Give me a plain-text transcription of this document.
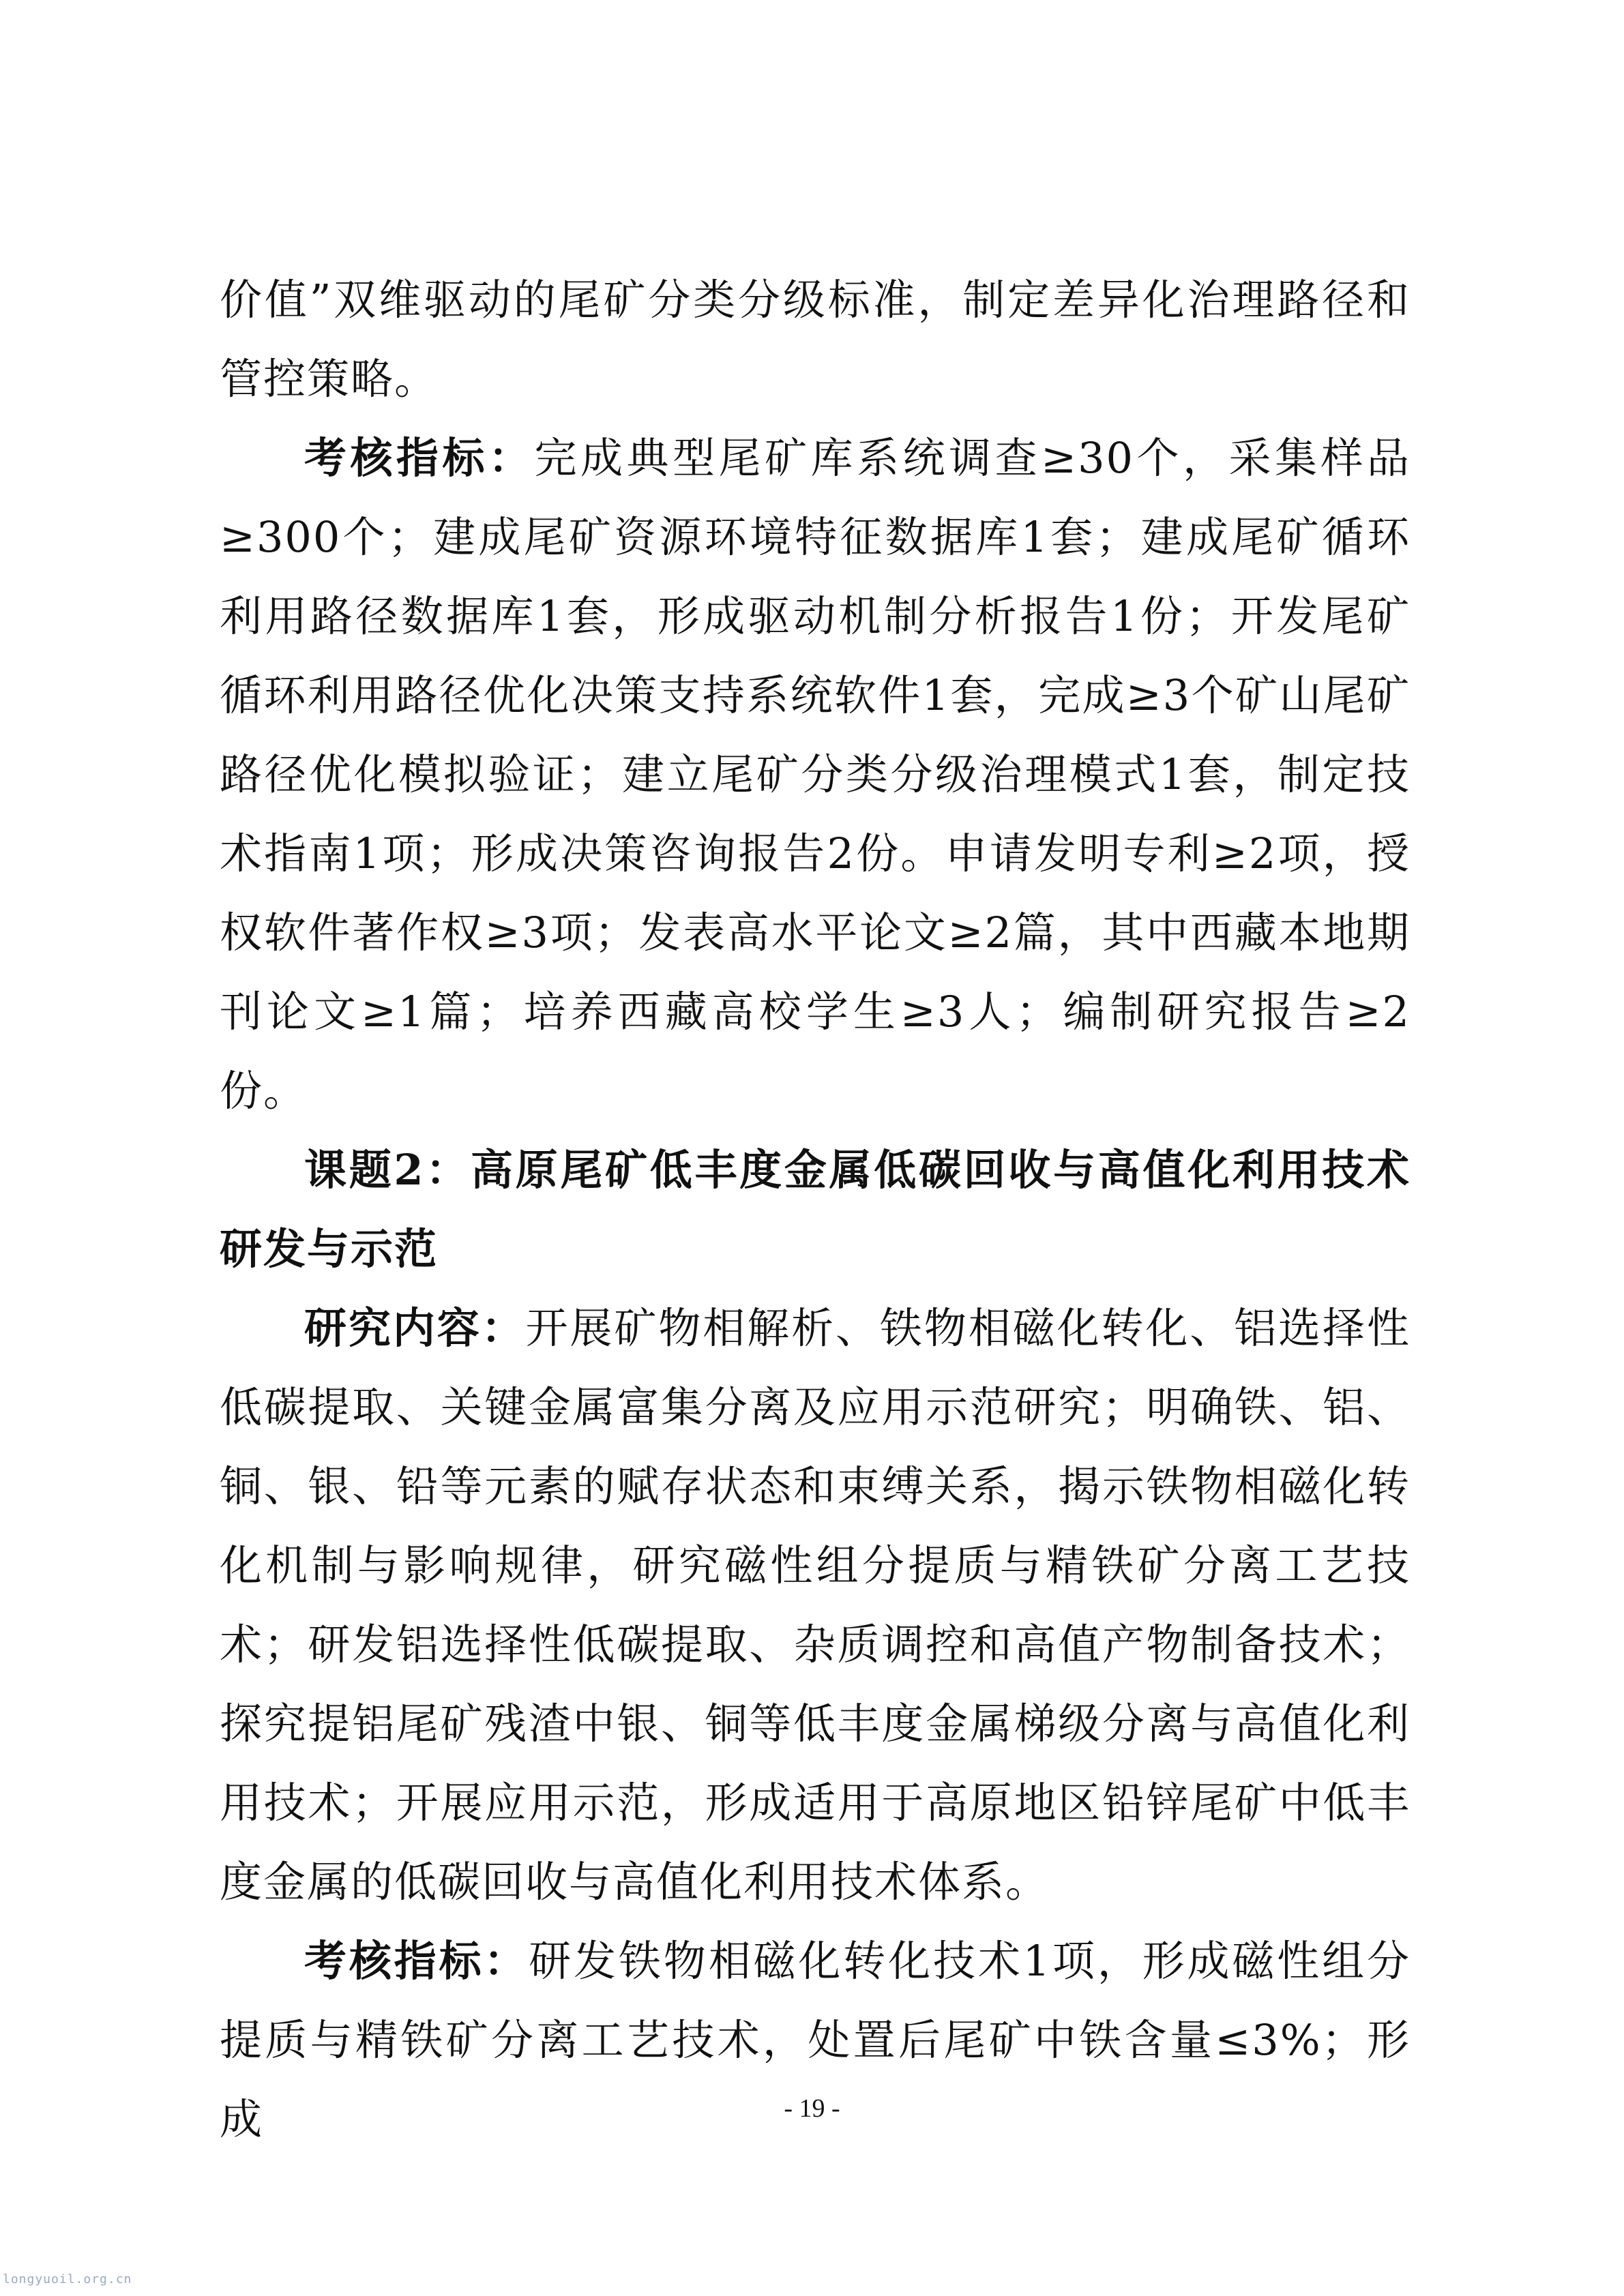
价值”双维驱动的尾矿分类分级标准，制定差异化治理路径和管控策略。

考核指标：完成典型尾矿库系统调查≥30个，采集样品≥300个；建成尾矿资源环境特征数据库1套；建成尾矿循环利用路径数据库1套，形成驱动机制分析报告1份；开发尾矿循环利用路径优化决策支持系统软件1套，完成≥3个矿山尾矿路径优化模拟验证；建立尾矿分类分级治理模式1套，制定技术指南1项；形成决策咨询报告2份。申请发明专利≥2项，授权软件著作权≥3项；发表高水平论文≥2篇，其中西藏本地期刊论文≥1篇；培养西藏高校学生≥3人；编制研究报告≥2份。

课题2：高原尾矿低丰度金属低碳回收与高值化利用技术研发与示范

研究内容：开展矿物相解析、铁物相磁化转化、铝选择性低碳提取、关键金属富集分离及应用示范研究；明确铁、铝、铜、银、铅等元素的赋存状态和束缚关系，揭示铁物相磁化转化机制与影响规律，研究磁性组分提质与精铁矿分离工艺技术；研发铝选择性低碳提取、杂质调控和高值产物制备技术；探究提铝尾矿残渣中银、铜等低丰度金属梯级分离与高值化利用技术；开展应用示范，形成适用于高原地区铅锌尾矿中低丰度金属的低碳回收与高值化利用技术体系。

考核指标：研发铁物相磁化转化技术1项，形成磁性组分提质与精铁矿分离工艺技术，处置后尾矿中铁含量≤3%；形成	- 19 -
longyuoil.org.cn
